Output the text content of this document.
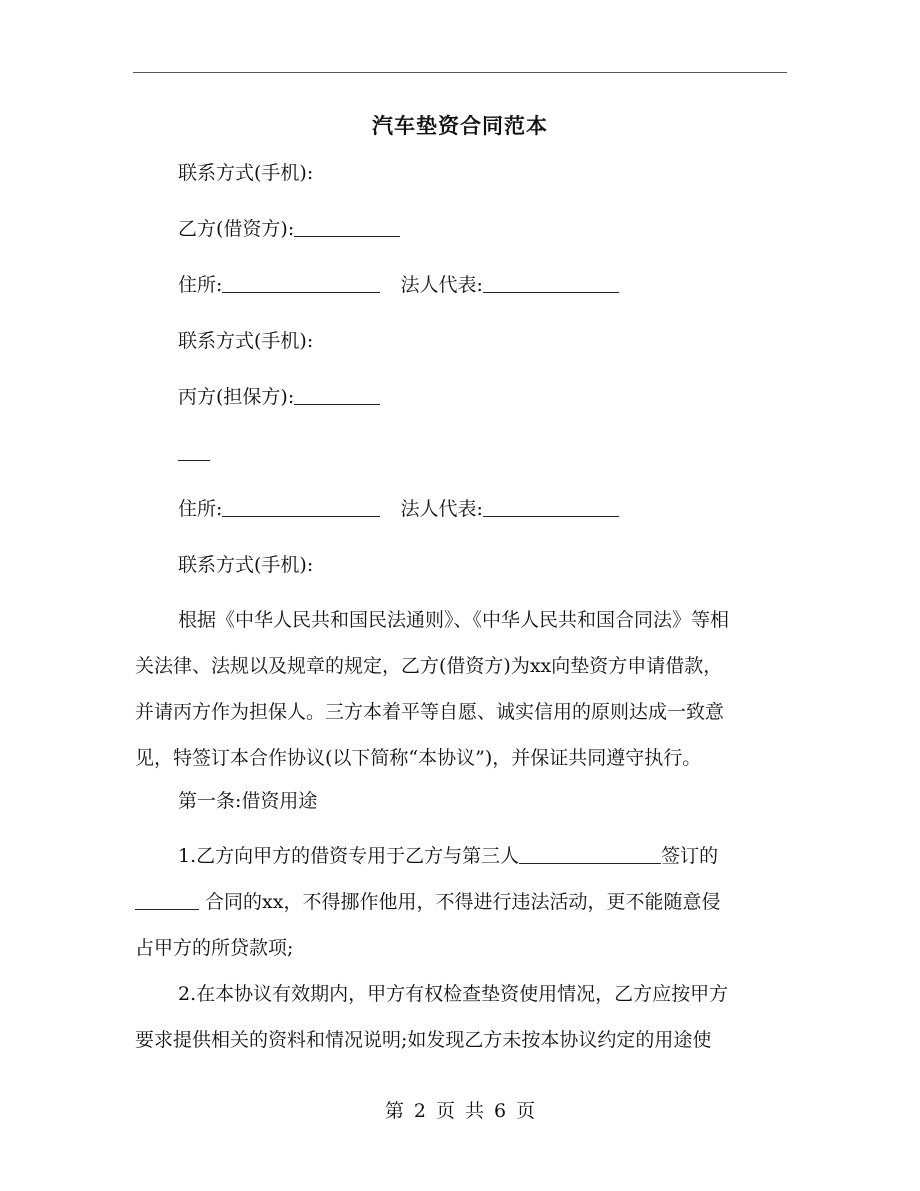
汽车垫资合同范本
联系方式(手机):
乙方(借资方):
住所:	法人代表:
联系方式(手机):
丙方(担保方):
住所:	法人代表:
联系方式(手机):
根据《中华人民共和国民法通则》、《中华人民共和国合同法》等相
关法律、法规以及规章的规定，乙方(借资方)为xx向垫资方申请借款，
并请丙方作为担保人。三方本着平等自愿、诚实信用的原则达成一致意
见，特签订本合作协议(以下简称“本协议”)，并保证共同遵守执行。
第一条:借资用途
1.乙方向甲方的借资专用于乙方与第三人	签订的
合同的xx，不得挪作他用，不得进行违法活动，更不能随意侵
占甲方的所贷款项;
2.在本协议有效期内，甲方有权检查垫资使用情况，乙方应按甲方
要求提供相关的资料和情况说明;如发现乙方未按本协议约定的用途使
第 2 页 共 6 页
